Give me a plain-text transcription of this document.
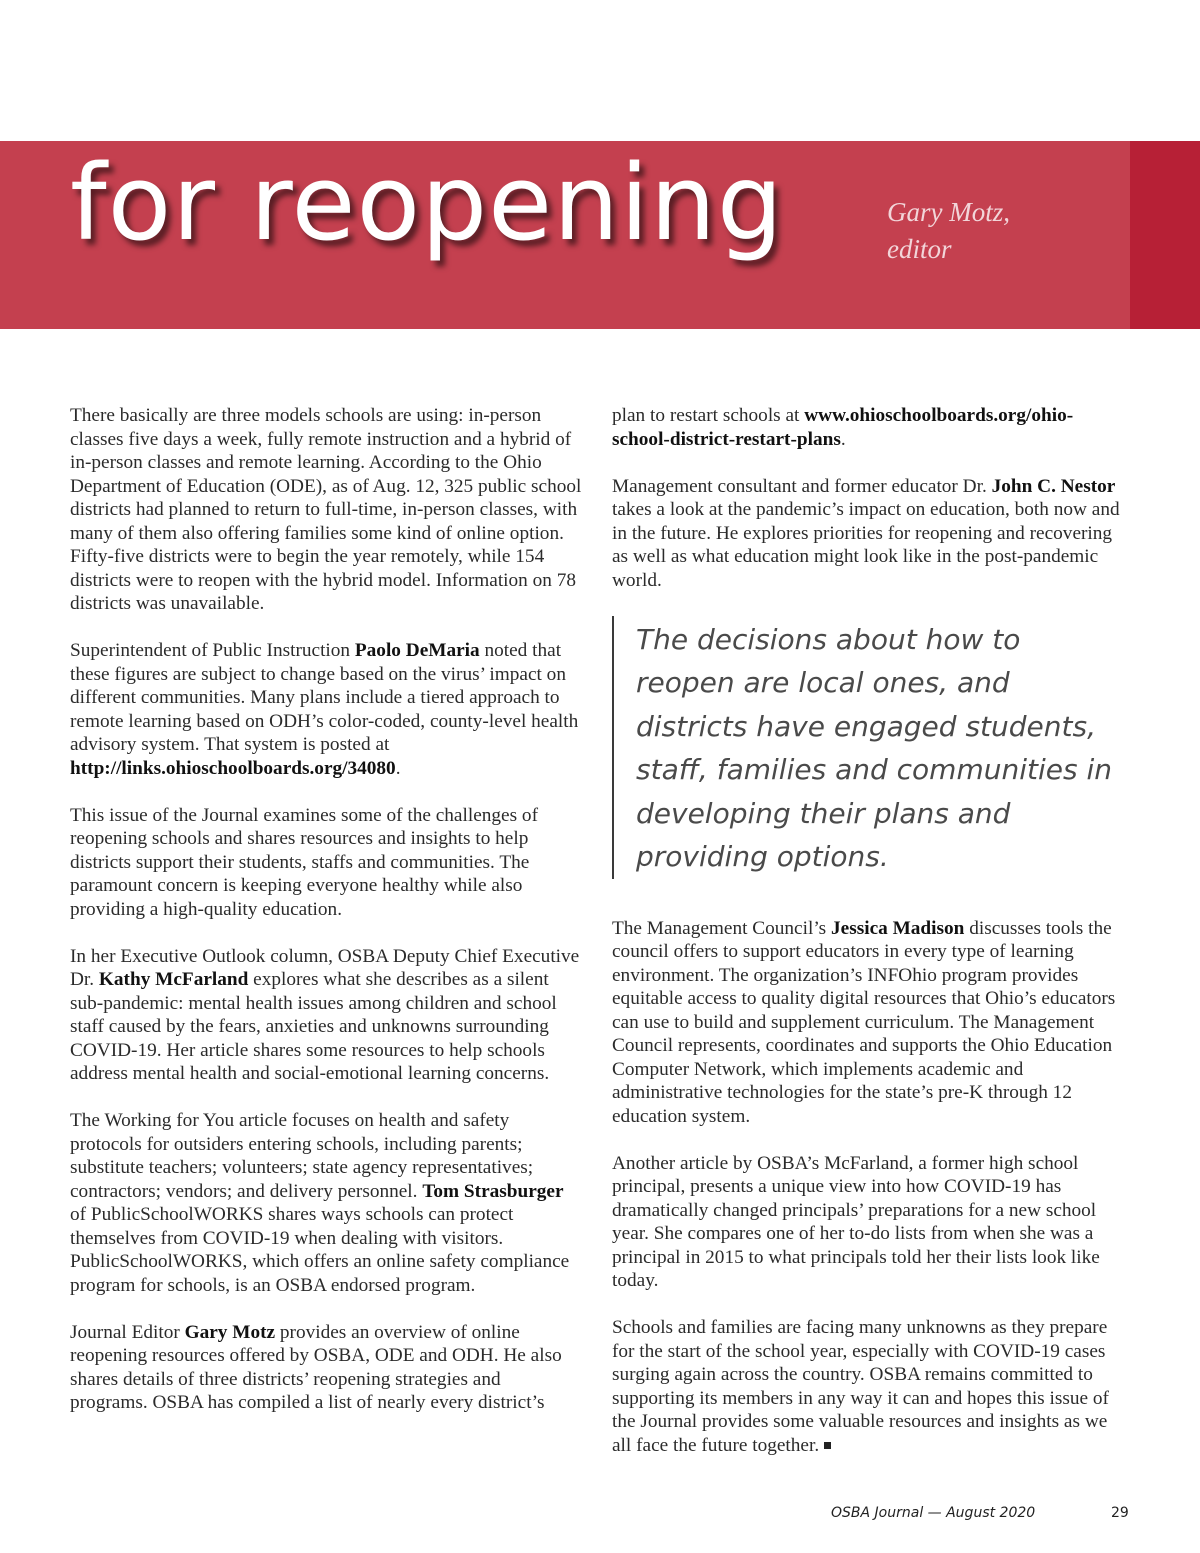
for reopening	Gary Motz,
editor

There basically are three models schools are using: in-person classes five days a week, fully remote instruction and a hybrid of in-person classes and remote learning. According to the Ohio Department of Education (ODE), as of Aug. 12, 325 public school districts had planned to return to full-time, in-person classes, with many of them also offering families some kind of online option. Fifty-five districts were to begin the year remotely, while 154 districts were to reopen with the hybrid model. Information on 78 districts was unavailable.

Superintendent of Public Instruction Paolo DeMaria noted that these figures are subject to change based on the virus’ impact on different communities. Many plans include a tiered approach to remote learning based on ODH’s color-coded, county-level health advisory system. That system is posted at http://links.ohioschoolboards.org/34080.

This issue of the Journal examines some of the challenges of reopening schools and shares resources and insights to help districts support their students, staffs and communities. The paramount concern is keeping everyone healthy while also providing a high-quality education.

In her Executive Outlook column, OSBA Deputy Chief Executive Dr. Kathy McFarland explores what she describes as a silent sub-pandemic: mental health issues among children and school staff caused by the fears, anxieties and unknowns surrounding COVID-19. Her article shares some resources to help schools address mental health and social-emotional learning concerns.

The Working for You article focuses on health and safety protocols for outsiders entering schools, including parents; substitute teachers; volunteers; state agency representatives; contractors; vendors; and delivery personnel. Tom Strasburger of PublicSchoolWORKS shares ways schools can protect themselves from COVID-19 when dealing with visitors. PublicSchoolWORKS, which offers an online safety compliance program for schools, is an OSBA endorsed program.

Journal Editor Gary Motz provides an overview of online reopening resources offered by OSBA, ODE and ODH. He also shares details of three districts’ reopening strategies and programs. OSBA has compiled a list of nearly every district’s

plan to restart schools at www.ohioschoolboards.org/ohio-school-district-restart-plans.

Management consultant and former educator Dr. John C. Nestor takes a look at the pandemic’s impact on education, both now and in the future. He explores priorities for reopening and recovering as well as what education might look like in the post-pandemic world.

The decisions about how to reopen are local ones, and districts have engaged students, staff, families and communities in developing their plans and providing options.

The Management Council’s Jessica Madison discusses tools the council offers to support educators in every type of learning environment. The organization’s INFOhio program provides equitable access to quality digital resources that Ohio’s educators can use to build and supplement curriculum. The Management Council represents, coordinates and supports the Ohio Education Computer Network, which implements academic and administrative technologies for the state’s pre-K through 12 education system.

Another article by OSBA’s McFarland, a former high school principal, presents a unique view into how COVID-19 has dramatically changed principals’ preparations for a new school year. She compares one of her to-do lists from when she was a principal in 2015 to what principals told her their lists look like today.

Schools and families are facing many unknowns as they prepare for the start of the school year, especially with COVID-19 cases surging again across the country. OSBA remains committed to supporting its members in any way it can and hopes this issue of the Journal provides some valuable resources and insights as we all face the future together.

OSBA Journal — August 2020	29
